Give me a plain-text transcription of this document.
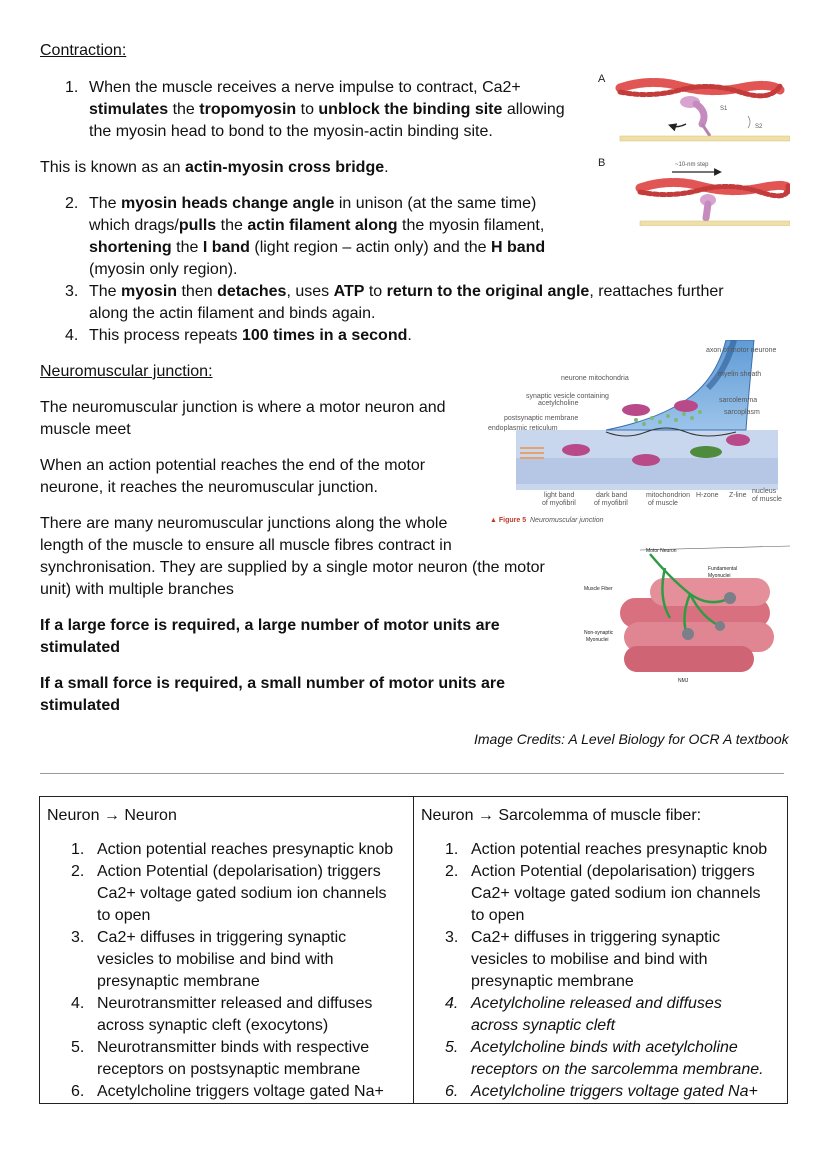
Contraction:
1. When the muscle receives a nerve impulse to contract, Ca2+
stimulates the tropomyosin to unblock the binding site allowing
the myosin head to bond to the myosin-actin binding site.
This is known as an actin-myosin cross bridge.
2. The myosin heads change angle in unison (at the same time)
which drags/pulls the actin filament along the myosin filament,
shortening the I band (light region – actin only) and the H band
(myosin only region).
3. The myosin then detaches, uses ATP to return to the original angle, reattaches further
along the actin filament and binds again.
4. This process repeats 100 times in a second.
A
S1
S2
B	~10-nm step
Neuromuscular junction:
The neuromuscular junction is where a motor neuron and
muscle meet
When an action potential reaches the end of the motor
neurone, it reaches the neuromuscular junction.
There are many neuromuscular junctions along the whole
length of the muscle to ensure all muscle fibres contract in
synchronisation. They are supplied by a single motor neuron (the motor
unit) with multiple branches
If a large force is required, a large number of motor units are
stimulated
If a small force is required, a small number of motor units are
stimulated
axon of motor neurone
myelin sheath
neurone mitochondria
synaptic vesicle containing
acetylcholine
postsynaptic membrane
endoplasmic reticulum
sarcolemma
sarcoplasm
light band
of myofibril
dark band
of myofibril
mitochondrion
of muscle
H-zone Z-line
nucleus
of muscle
▲ Figure 5 Neuromuscular junction
Motor Neuron
Fundamental
Myonuclei
Muscle Fiber
Non-synaptic
Myonuclei
NMJ
Image Credits: A Level Biology for OCR A textbook
Neuron → Neuron
1. Action potential reaches presynaptic knob
2. Action Potential (depolarisation) triggers
Ca2+ voltage gated sodium ion channels
to open
3. Ca2+ diffuses in triggering synaptic
vesicles to mobilise and bind with
presynaptic membrane
4. Neurotransmitter released and diffuses
across synaptic cleft (exocytons)
5. Neurotransmitter binds with respective
receptors on postsynaptic membrane
6. Acetylcholine triggers voltage gated Na+

Neuron → Sarcolemma of muscle fiber:
1. Action potential reaches presynaptic knob
2. Action Potential (depolarisation) triggers
Ca2+ voltage gated sodium ion channels
to open
3. Ca2+ diffuses in triggering synaptic
vesicles to mobilise and bind with
presynaptic membrane
4. Acetylcholine released and diffuses
across synaptic cleft
5. Acetylcholine binds with acetylcholine
receptors on the sarcolemma membrane.
6. Acetylcholine triggers voltage gated Na+
